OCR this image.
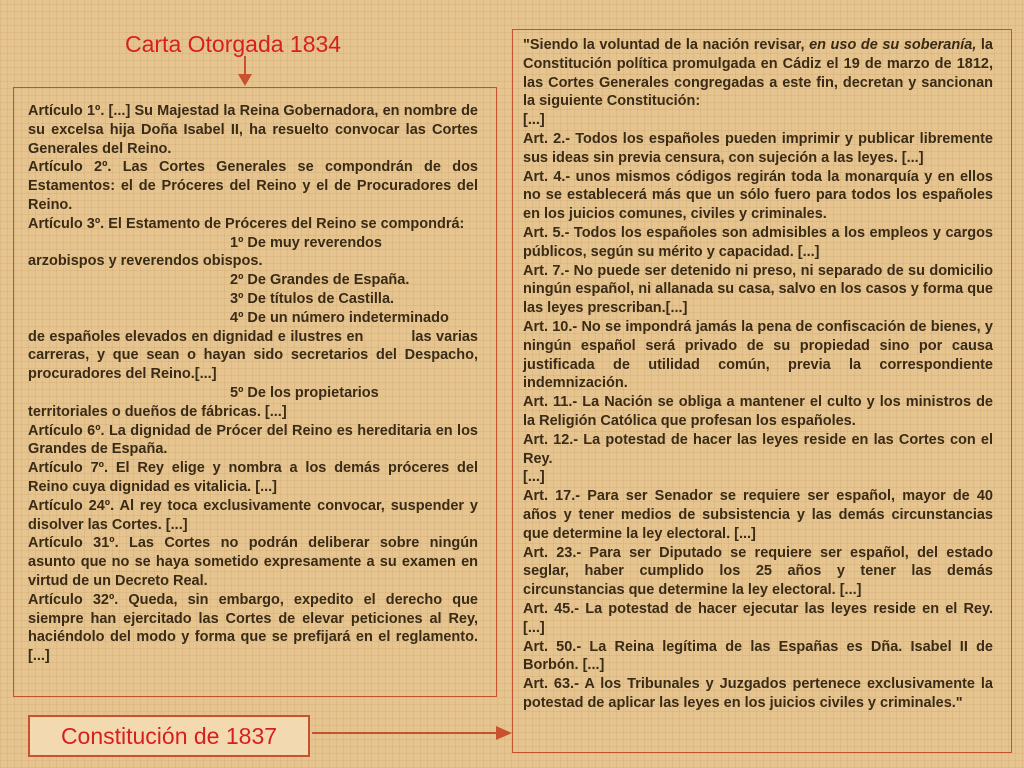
Carta Otorgada 1834

Artículo 1º. [...] Su Majestad la Reina Gobernadora, en nombre de su excelsa hija Doña Isabel II, ha resuelto convocar las Cortes Generales del Reino.

Artículo 2º. Las Cortes Generales se compondrán de dos Estamentos: el de Próceres del Reino y el de Procuradores del Reino.

Artículo 3º. El Estamento de Próceres del Reino se compondrá:

1º De muy reverendos

arzobispos y reverendos obispos.

2º De Grandes de España.

3º De títulos de Castilla.

4º De un número indeterminado

de españoles elevados en dignidad e ilustres en	las varias carreras, y que sean o hayan sido secretarios del Despacho, procuradores del Reino.[...]

5º De los propietarios

territoriales o dueños de fábricas. [...]

Artículo 6º. La dignidad de Prócer del Reino es hereditaria en los Grandes de España.

Artículo 7º. El Rey elige y nombra a los demás próceres del Reino cuya dignidad es vitalicia. [...]

Artículo 24º. Al rey toca exclusivamente convocar, suspender y disolver las Cortes. [...]

Artículo 31º. Las Cortes no podrán deliberar sobre ningún asunto que no se haya sometido expresamente a su examen en virtud de un Decreto Real.

Artículo 32º. Queda, sin embargo, expedito el derecho que siempre han ejercitado las Cortes de elevar peticiones al Rey, haciéndolo del modo y forma que se prefijará en el reglamento. [...]

"Siendo la voluntad de la nación revisar, en uso de su soberanía, la Constitución política promulgada en Cádiz el 19 de marzo de 1812, las Cortes Generales congregadas a este fin, decretan y sancionan la siguiente Constitución:

[...]

Art. 2.- Todos los españoles pueden imprimir y publicar libremente sus ideas sin previa censura, con sujeción a las leyes. [...]

Art. 4.- unos mismos códigos regirán toda la monarquía y en ellos no se establecerá más que un sólo fuero para todos los españoles en los juicios comunes, civiles y criminales.

Art. 5.- Todos los españoles son admisibles a los empleos y cargos públicos, según su mérito y capacidad. [...]

Art. 7.- No puede ser detenido ni preso, ni separado de su domicilio ningún español, ni allanada su casa, salvo en los casos y forma que las leyes prescriban.[...]

Art. 10.- No se impondrá jamás la pena de confiscación de bienes, y ningún español será privado de su propiedad sino por causa justificada de utilidad común, previa la correspondiente indemnización.

Art. 11.- La Nación se obliga a mantener el culto y los ministros de la Religión Católica que profesan los españoles.

Art. 12.- La potestad de hacer las leyes reside en las Cortes con el Rey.

[...]

Art. 17.- Para ser Senador se requiere ser español, mayor de 40 años y tener medios de subsistencia y las demás circunstancias que determine la ley electoral. [...]

Art. 23.- Para ser Diputado se requiere ser español, del estado seglar, haber cumplido los 25 años y tener las demás circunstancias que determine la ley electoral. [...]

Art. 45.- La potestad de hacer ejecutar las leyes reside en el Rey. [...]

Art. 50.- La Reina legítima de las Españas es Dña. Isabel II de Borbón. [...]

Art. 63.- A los Tribunales y Juzgados pertenece exclusivamente la potestad de aplicar las leyes en los juicios civiles y criminales."

Constitución de 1837
